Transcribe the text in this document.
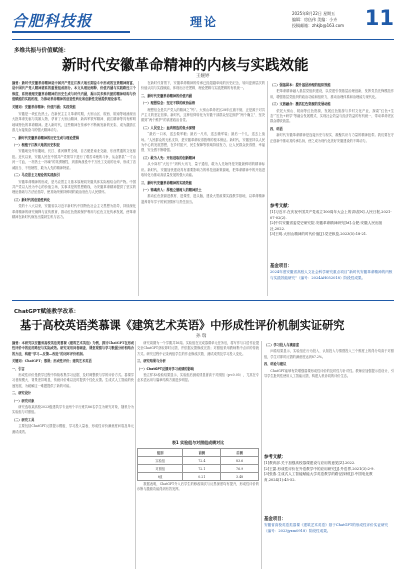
合肥科技报	理论
2025年8月22日 星期五
编辑：房伍伟 美编：小卉
投稿邮箱：zhkjb@163.com 11
多维共振与价值赋能：
新时代安徽革命精神的内核与实践效能
王婉婷
摘要：新时代安徽革命精神是中国共产党在江淮大地长期奋斗中形成的宝贵精神财富，是中国共产党人精神谱系的重要组成部分。本文从理论阐释、价值内涵与实践路径三个维度，系统梳理安徽革命精神的历史生成与时代内涵，揭示其多维共振的精神结构与价值赋能的实践机理，为推动革命精神的创造性转化和创新性发展提供理论参考。
关键词：安徽革命精神；价值内涵；实践效能
安徽是一块红色热土。在新民主主义革命时期，大别山区、皖西、皖南等地涌现出大批革命先驱与英雄人物，孕育了大别山精神、新四军铁军精神、渡江精神等具有鲜明地域特色的革命精神。进入新时代，这些精神在传承中不断焕发新的光彩，成为激励江淮儿女接续奋斗的强大精神动力。
一、新时代安徽革命精神的历史生成与理论逻辑
（一）根植于江淮大地的历史积淀
安徽地处华东腹地，长江、淮河横贯全境，自古便是南北交融、东西贯通的文化枢纽。近代以来，安徽人民在中国共产党领导下进行了艰苦卓绝的斗争，从金寨县“一寸山河一寸血，一抔热土一抔魂”的英勇牺牲，到淮海战役中千万民工支前的壮举，形成了忠诚担当、不怕牺牲、敢为人先的精神特质。
（二）马克思主义理论的实践指引
安徽革命精神的形成，是马克思主义基本原理同安徽具体实际相结合的产物。中国共产党以人民为中心的价值立场，实事求是的思想路线，为安徽革命精神提供了坚实的理论基础与方法论指导，使其始终保持鲜明的政治底色与人民情怀。
（三）新时代的创造性转化
党的十八大以来，安徽省以习近平新时代中国特色社会主义思想为指导，持续深化革命精神的研究阐释与宣传教育，推动红色资源保护利用与红色文化传承发展，使革命精神在新时代焕发出蓬勃生机与活力。
在新时代背景下，安徽革命精神的传承已经超越单纯的历史纪念，转向更深层次的价值认同与实践赋能，体现出历史逻辑、理论逻辑与实践逻辑的有机统一。
二、新时代安徽革命精神的价值内涵
（一）理想信念：坚定不移的政治品格
理想信念是共产党人的精神之“钙”。大别山革命老区28年红旗不倒，正是源于对共产主义的坚定信仰。新时代，这种信仰转化为安徽干部群众坚定拥护“两个确立”、坚决做到“两个维护”的高度政治自觉。
（二）人民至上：血肉相连的鱼水深情
“最后一口米，送去做军粮；最后一尺布，送去缝军装；最后一个儿，送去上战场。”人民群众的无私支持，是安徽革命取得胜利的根本保证。新时代，安徽坚持以人民为中心的发展思想，在乡村振兴、民生保障等领域持续发力，让人民群众获得感、幸福感、安全感不断增强。
（三）敢为人先：开拓进取的创新精神
从小岗村“大包干”到科大讯飞、量子通信，敢为人先始终是安徽最鲜明的精神标识。新时代，安徽加快建设具有重要影响力的科技创新策源地，把革命精神中的开拓进取转化为推动高质量发展的强大动能。
三、新时代安徽革命精神的实践效能
（一）铸魂育人：厚植立德树人的精神沃土
推动红色资源进教材、进课堂、进头脑，建设大思政课实践教学基地，以革命精神滋养青年学子的家国情怀与责任担当。
（二）强基固本：提升基层治理的组织效能
把革命精神融入基层党组织建设，以党建引领基层治理创新，发挥党员先锋模范作用，增强基层党组织的政治功能和组织力，推动治理体系和治理能力现代化。
（三）文旅融合：激活红色资源的发展动能
依托大别山、皖南等红色资源，发展红色旅游与乡村文化产业，探索“红色+生态”“红色+研学”等融合发展模式，实现社会效益与经济效益的有机统一，带动革命老区群众增收致富。
四、结语
新时代安徽革命精神是连接历史与现实、凝聚共识与力量的精神纽带。我们要在守正创新中推动其传承弘扬，使之成为现代化美好安徽建设的不竭动力。
参考文献：
[1]习近平.在庆祝中国共产党成立100周年大会上的讲话[N].人民日报,2021-07-02(2).
[2]中共安徽省委党史研究院.安徽革命精神研究[M].合肥:安徽人民出版社,2022.
[3]王明.大别山精神的时代价值[J].党史纵览,2023(5):18-21.
基金项目：
2024年度安徽省高校人文社会科学研究重点项目“新时代安徽革命精神的内核与实践效能研究”（编号：2024AH052018）阶段性成果。
ChatGPT赋能教学改革：
基于高校英语类慕课《建筑艺术英语》中形成性评价机制实证研究
孙 瑞
摘要：本研究以安徽省高校英语类慕课《建筑艺术英语》为例，探讨ChatGPT在形成性评价中的应用路径与实际成效。研究采用问卷调查、课堂观察与学习数据分析相结合的方法，构建“学习—反馈—改进”的闭环评价机制。
关键词：ChatGPT；慕课；形成性评价；建筑艺术英语
一、引言
形成性评价是教学过程中持续收集学习证据、及时调整教与学的评价方式。慕课学习者规模大、背景差异明显，传统评价难以及时提供个性化反馈。生成式人工智能的快速发展，为破解这一难题提供了新的可能。
二、研究设计
（一）研究对象
研究选取某高校2023级建筑学专业两个平行班共86名学生为研究对象，随机分为实验组与对照组。
（二）研究工具
主要包括ChatGPT反馈提示模板、学习投入量表、形成性评价满意度问卷及单元测试成绩。
研究周期为一个学期共16周。实验组在完成慕课单元任务后，将写作与口语作业提交至ChatGPT获取即时反馈，并依据反馈修改完善；对照组采用教师集中点评的传统方式。研究过程中记录两组学生的作业修改次数、测试成绩及学习投入变化。
三、研究结果与分析
（一）ChatGPT反馈对学习成绩的影响
独立样本t检验结果显示，实验组后测成绩显著高于对照组（p<0.05），尤其在专业术语运用与篇章结构方面进步明显。
表1 实验组与对照组成绩对比
组别	前测	后测
实验组	72.4	83.6
对照组	72.1	76.9
t值	0.21	3.48
数据表明，ChatGPT介入后学生的修改频次与反思深度均有提升，形成性评价的诊断与激励功能得到有效发挥。
（二）学习投入与满意度
问卷结果显示，实验组在行为投入、认知投入与情感投入三个维度上的得分均高于对照组，学生对即时反馈的满意度达到87.2%。
四、结论与建议
ChatGPT能够有效增强慕课形成性评价的及时性与针对性。教师应加强提示语设计，引导学生批判性使用人工智能反馈，构建人机协同的评价生态。
参考文献：
[1]教育部.关于加强高校慕课建设与应用的意见[Z].2022.
[2]王蔷.形成性评价在外语教学中的应用研究[J].外语界,2021(3):2-9.
[3]张燕.生成式人工智能赋能大学英语教学的路径探析[J].中国电化教育,2024(1):45-52.
基金项目：
安徽省高校英语类慕课《建筑艺术英语》基于ChatGPT的形成性评价实证研究（编号：2023jyxm0918）阶段性成果。
